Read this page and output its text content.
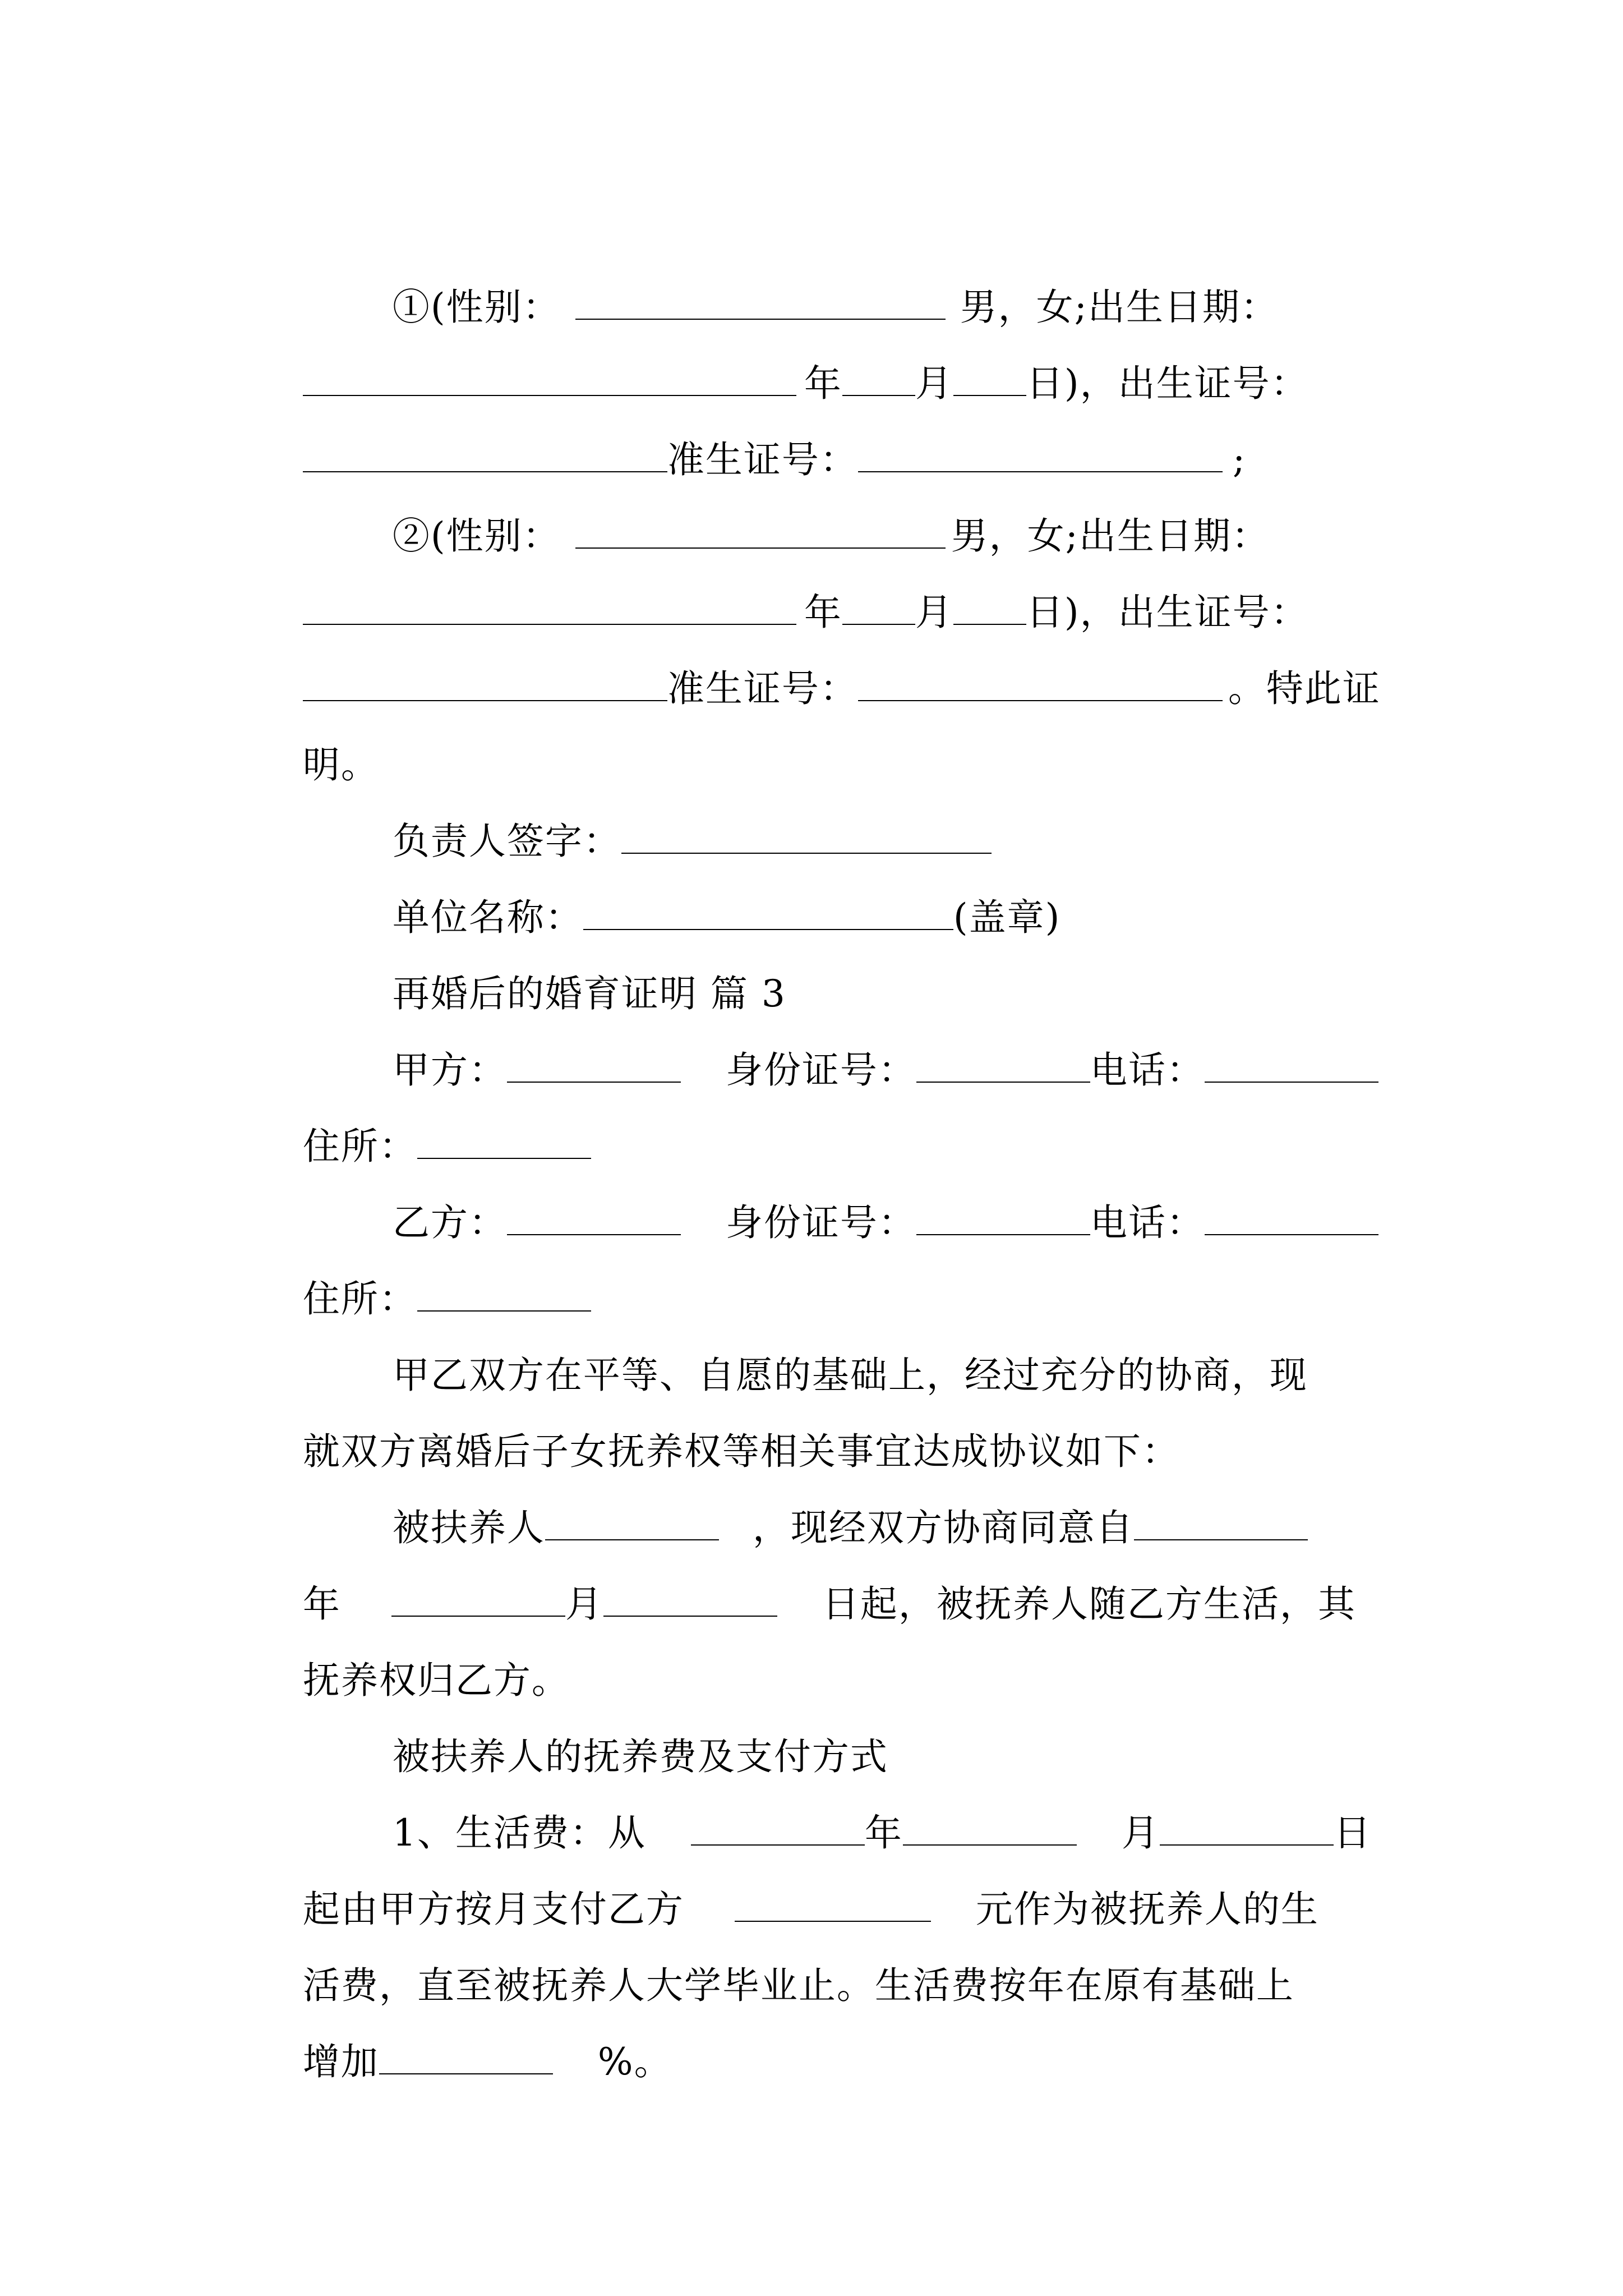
①(性别：	男，女;出生日期：

年 月 日)，出生证号：

准生证号：	;

②(性别：	男，女;出生日期：

年 月 日)，出生证号：

准生证号：	。特此证

明。

负责人签字：

单位名称：	(盖章)

再婚后的婚育证明 篇 3

甲方：	身份证号：	电话：

住所：

乙方：	身份证号：	电话：

住所：

甲乙双方在平等、自愿的基础上，经过充分的协商，现

就双方离婚后子女抚养权等相关事宜达成协议如下：

被扶养人	，现经双方协商同意自

年	月	日起，被抚养人随乙方生活，其

抚养权归乙方。

被扶养人的抚养费及支付方式

1、生活费：从	年	月	日

起由甲方按月支付乙方	元作为被抚养人的生

活费，直至被抚养人大学毕业止。生活费按年在原有基础上

增加	%。
